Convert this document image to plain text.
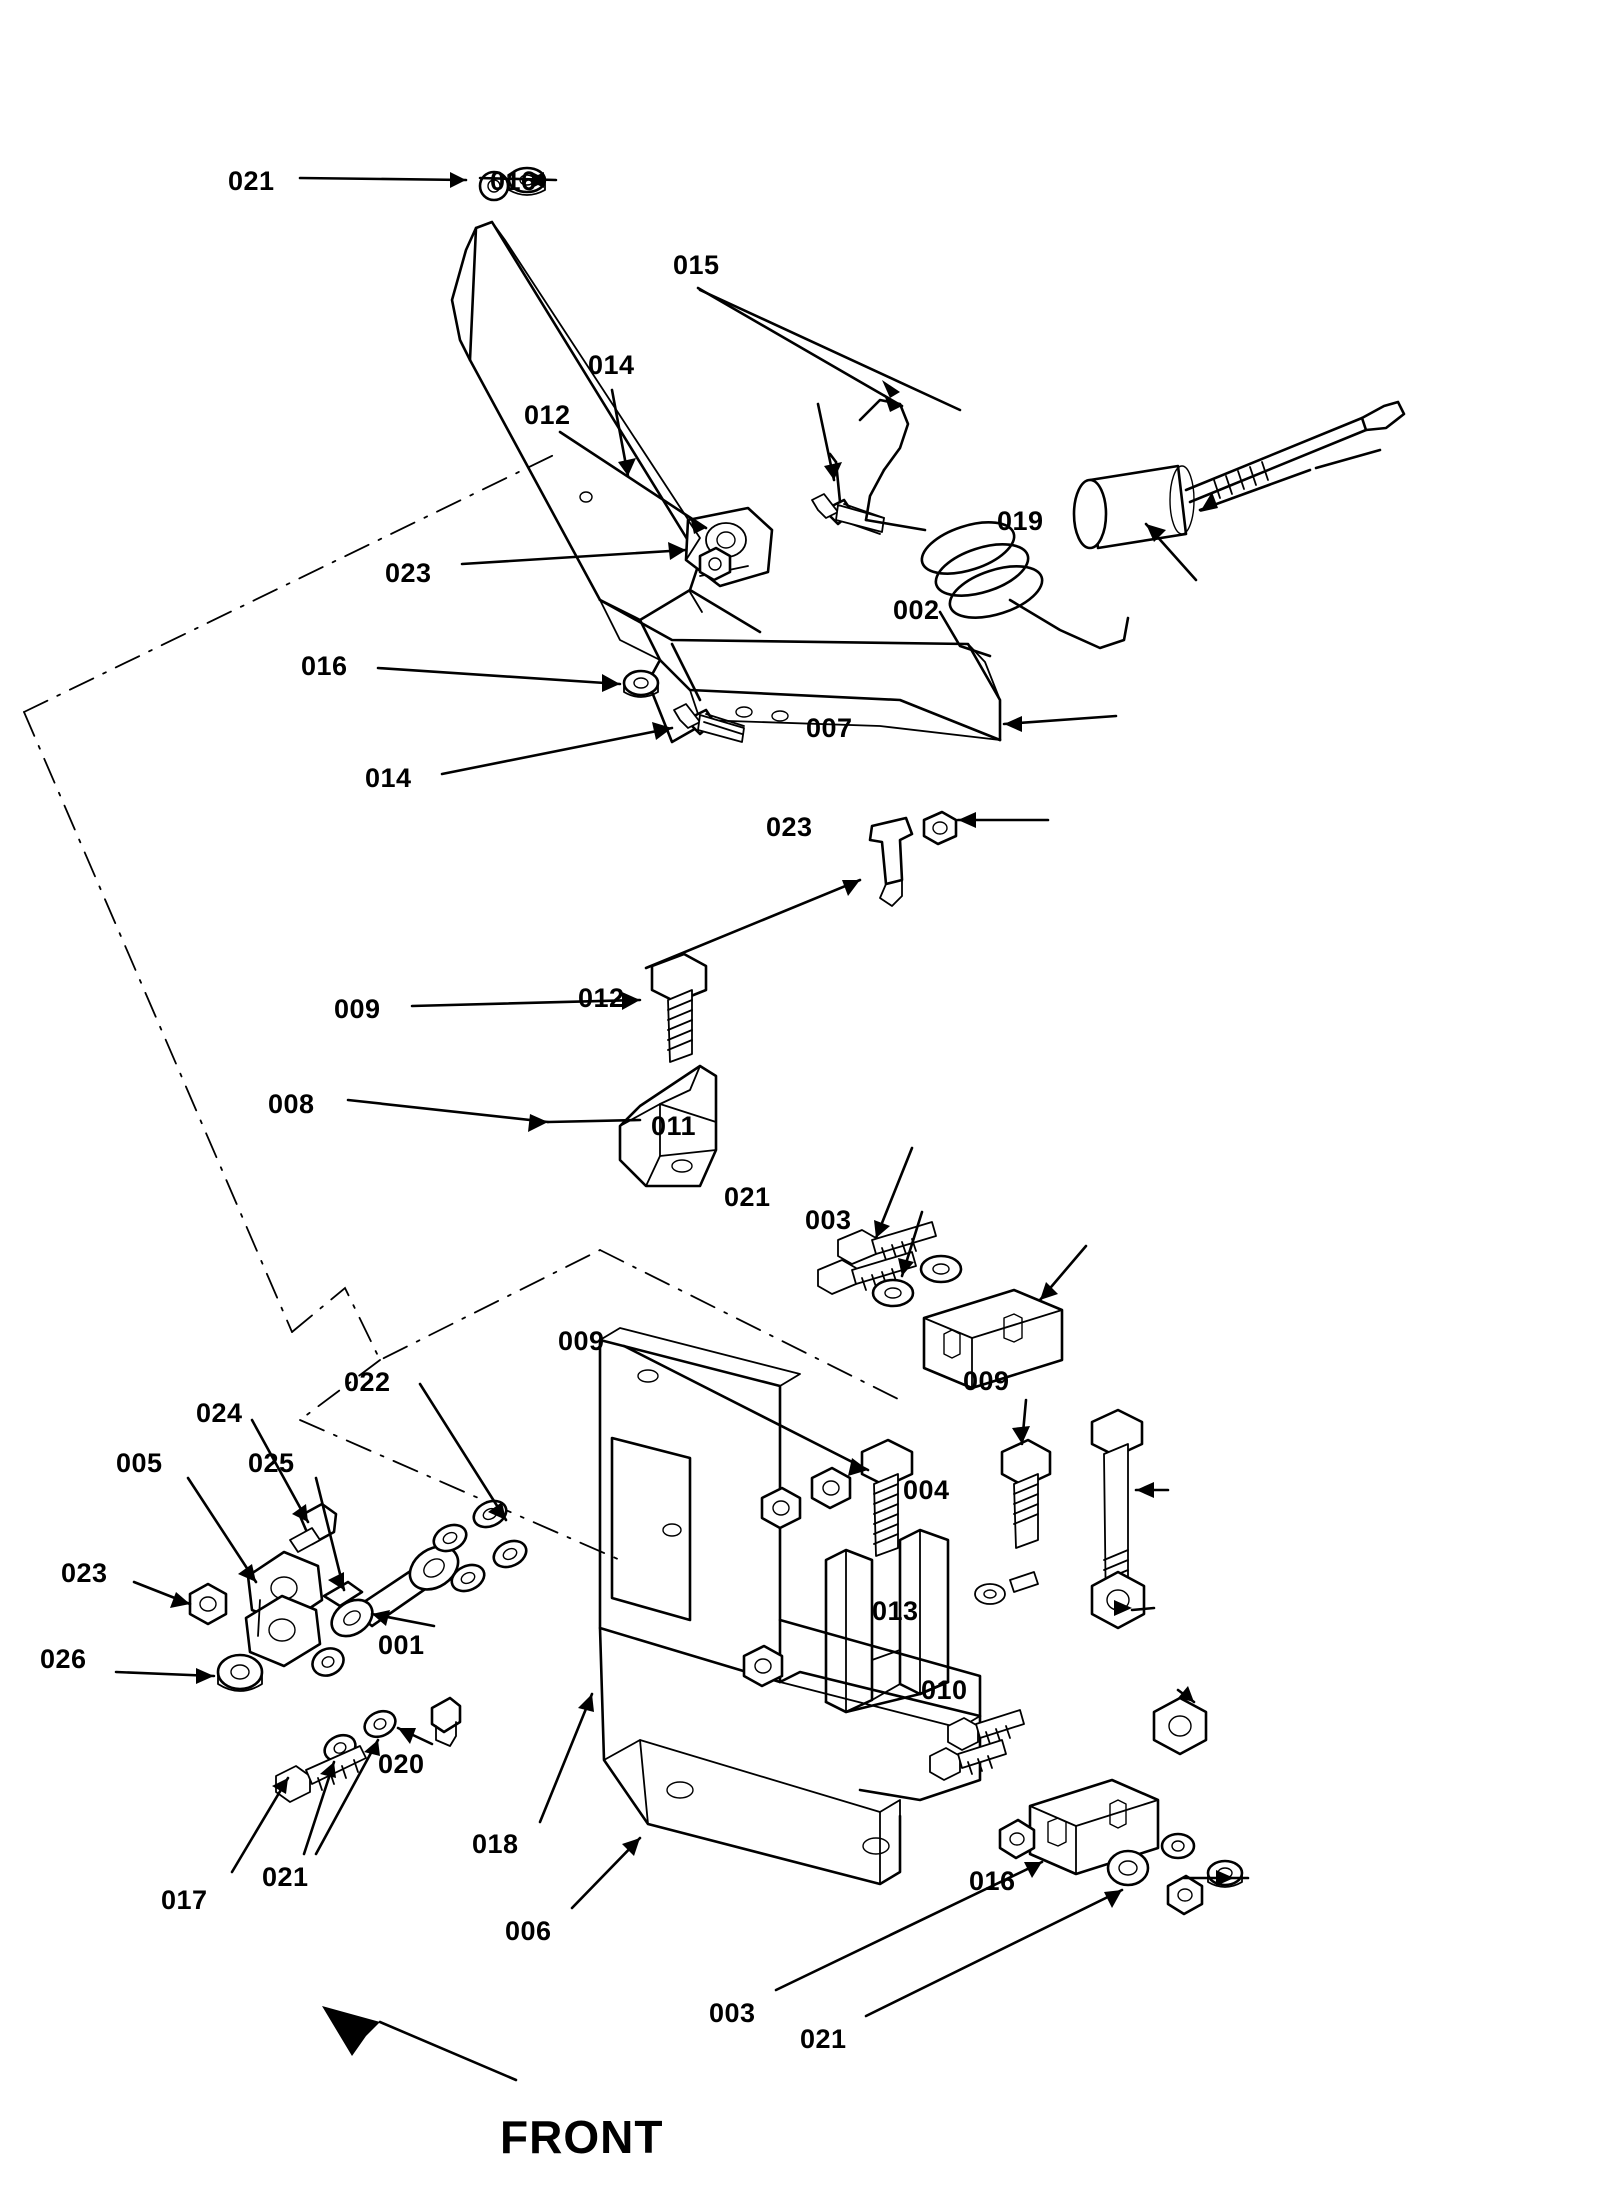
021	016
015
014
012
019
023
002
016
007
014
023
012
009
008
011
021
003
009
009
022
024
005	025
004
023
013
026	001
010
020
018
016
017
021
006
003
021
FRONT
